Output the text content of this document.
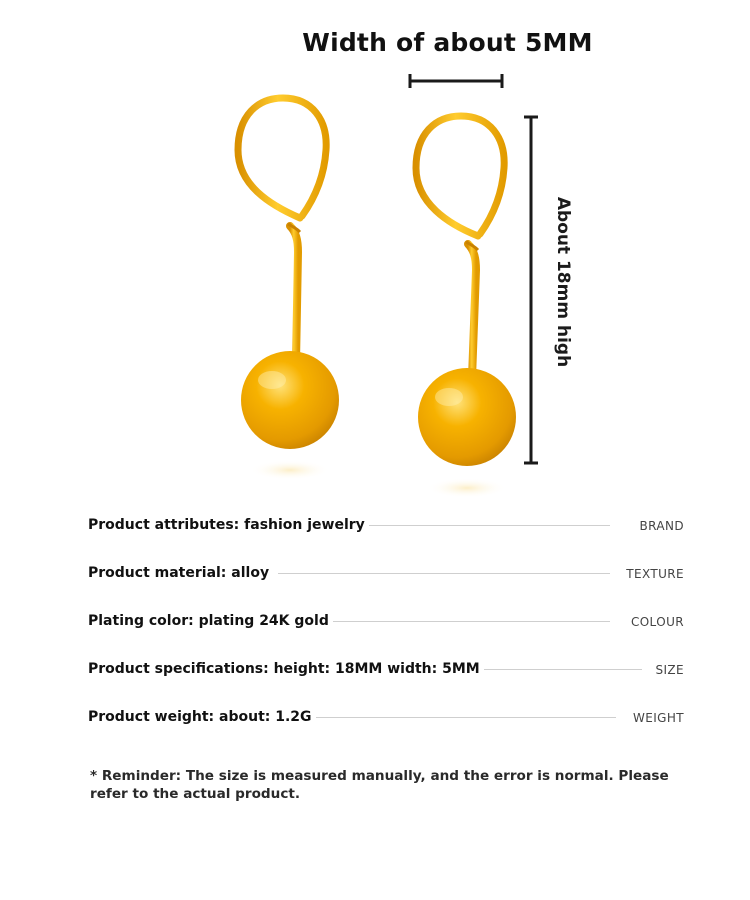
Width of about 5MM
About 18mm high
Product attributes: fashion jewelry	BRAND
Product material: alloy	TEXTURE
Plating color: plating 24K gold	COLOUR
Product specifications: height: 18MM width: 5MM	SIZE
Product weight: about: 1.2G	WEIGHT
* Reminder: The size is measured manually, and the error is normal. Please refer to the actual product.
